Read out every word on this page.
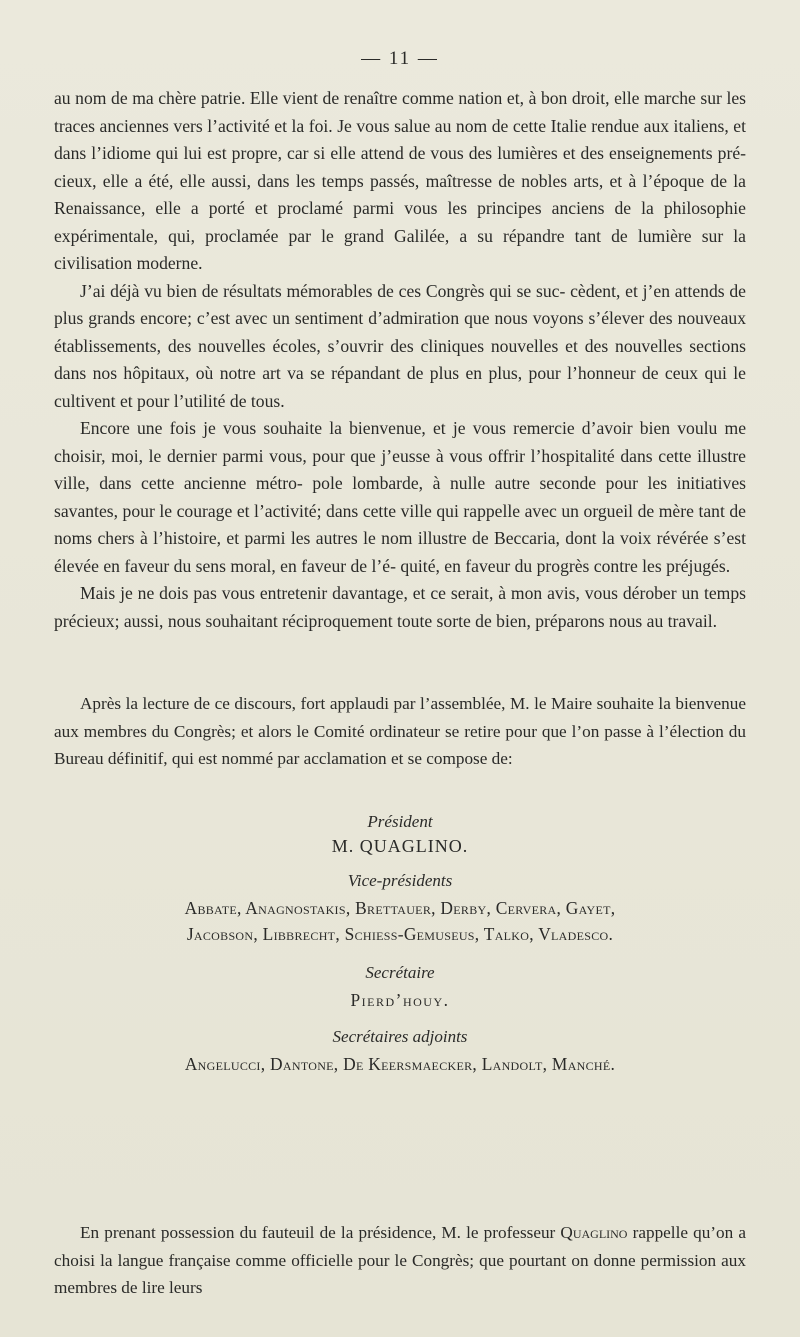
— 11 —

au nom de ma chère patrie. Elle vient de renaître comme nation et, à bon droit, elle marche sur les traces anciennes vers l’activité et la foi. Je vous salue au nom de cette Italie rendue aux italiens, et dans l’idiome qui lui est propre, car si elle attend de vous des lumières et des enseignements pré- cieux, elle a été, elle aussi, dans les temps passés, maîtresse de nobles arts, et à l’époque de la Renaissance, elle a porté et proclamé parmi vous les principes anciens de la philosophie expérimentale, qui, proclamée par le grand Galilée, a su répandre tant de lumière sur la civilisation moderne.

J’ai déjà vu bien de résultats mémorables de ces Congrès qui se suc- cèdent, et j’en attends de plus grands encore; c’est avec un sentiment d’admiration que nous voyons s’élever des nouveaux établissements, des nouvelles écoles, s’ouvrir des cliniques nouvelles et des nouvelles sections dans nos hôpitaux, où notre art va se répandant de plus en plus, pour l’honneur de ceux qui le cultivent et pour l’utilité de tous.

Encore une fois je vous souhaite la bienvenue, et je vous remercie d’avoir bien voulu me choisir, moi, le dernier parmi vous, pour que j’eusse à vous offrir l’hospitalité dans cette illustre ville, dans cette ancienne métro- pole lombarde, à nulle autre seconde pour les initiatives savantes, pour le courage et l’activité; dans cette ville qui rappelle avec un orgueil de mère tant de noms chers à l’histoire, et parmi les autres le nom illustre de Beccaria, dont la voix révérée s’est élevée en faveur du sens moral, en faveur de l’é- quité, en faveur du progrès contre les préjugés.

Mais je ne dois pas vous entretenir davantage, et ce serait, à mon avis, vous dérober un temps précieux; aussi, nous souhaitant réciproquement toute sorte de bien, préparons nous au travail.

Après la lecture de ce discours, fort applaudi par l’assemblée, M. le Maire souhaite la bienvenue aux membres du Congrès; et alors le Comité ordinateur se retire pour que l’on passe à l’élection du Bureau définitif, qui est nommé par acclamation et se compose de:

Président
M. QUAGLINO.
Vice-présidents
Abbate, Anagnostakis, Brettauer, Derby, Cervera, Gayet,
Jacobson, Libbrecht, Schiess-Gemuseus, Talko, Vladesco.
Secrétaire
Pierd’houy.
Secrétaires adjoints
Angelucci, Dantone, De Keersmaecker, Landolt, Manché.

En prenant possession du fauteuil de la présidence, M. le professeur Quaglino rappelle qu’on a choisi la langue française comme officielle pour le Congrès; que pourtant on donne permission aux membres de lire leurs
